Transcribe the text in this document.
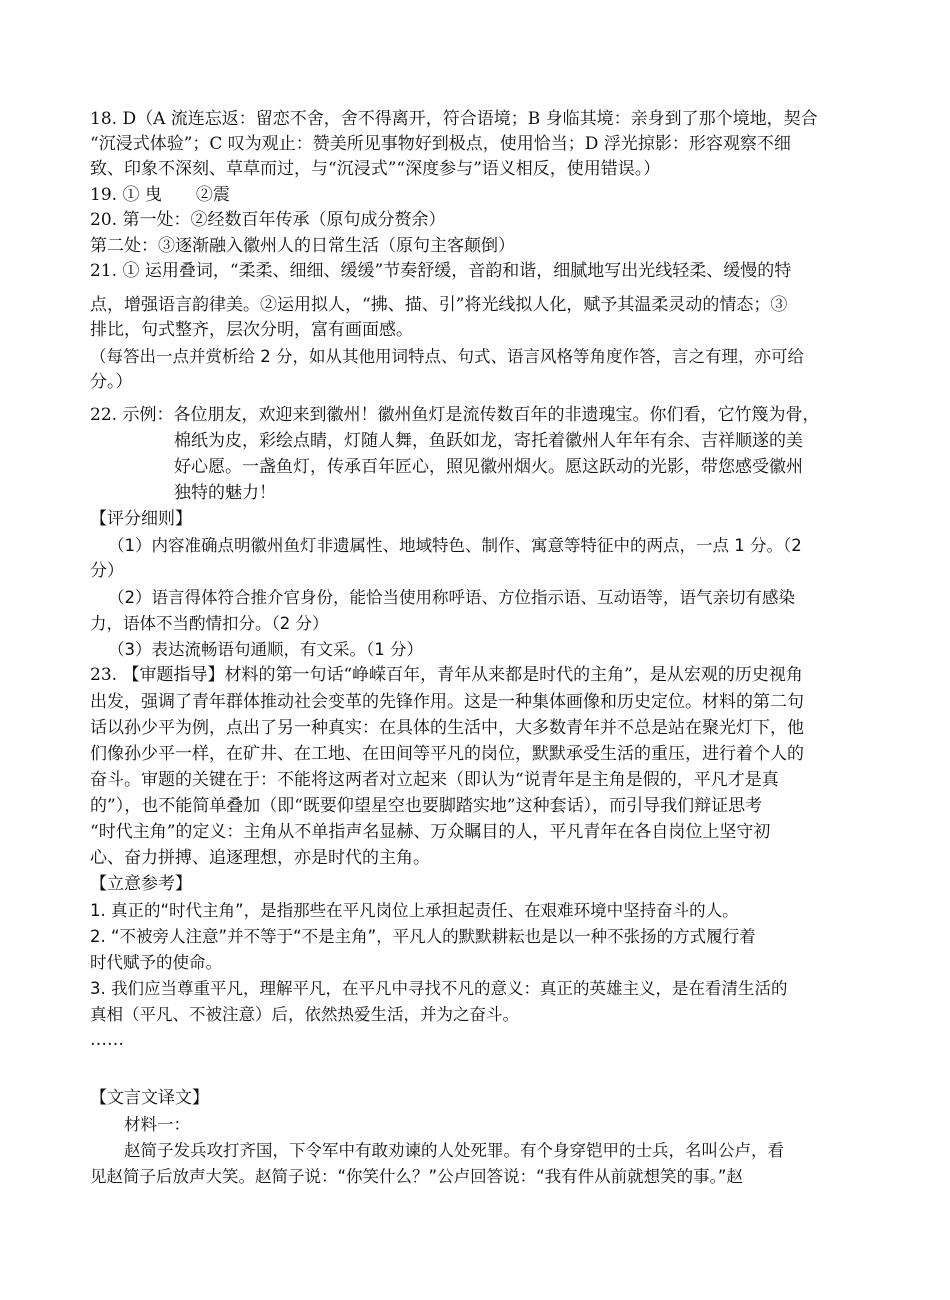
18. D（A 流连忘返：留恋不舍，舍不得离开，符合语境；B 身临其境：亲身到了那个境地，契合
“沉浸式体验”；C 叹为观止：赞美所见事物好到极点，使用恰当；D 浮光掠影：形容观察不细
致、印象不深刻、草草而过，与“沉浸式”“深度参与”语义相反，使用错误。）
19. ① 曳　　②震
20. 第一处：②经数百年传承（原句成分赘余）
第二处：③逐渐融入徽州人的日常生活（原句主客颠倒）
21. ① 运用叠词，“柔柔、细细、缓缓”节奏舒缓，音韵和谐，细腻地写出光线轻柔、缓慢的特
点，增强语言韵律美。②运用拟人，“拂、描、引”将光线拟人化，赋予其温柔灵动的情态；③
排比，句式整齐，层次分明，富有画面感。
（每答出一点并赏析给 2 分，如从其他用词特点、句式、语言风格等角度作答，言之有理，亦可给
分。）
22. 示例：各位朋友，欢迎来到徽州！徽州鱼灯是流传数百年的非遗瑰宝。你们看，它竹篾为骨，
棉纸为皮，彩绘点睛，灯随人舞，鱼跃如龙，寄托着徽州人年年有余、吉祥顺遂的美
好心愿。一盏鱼灯，传承百年匠心，照见徽州烟火。愿这跃动的光影，带您感受徽州
独特的魅力！
【评分细则】
（1）内容准确点明徽州鱼灯非遗属性、地域特色、制作、寓意等特征中的两点，一点 1 分。（2
分）
（2）语言得体符合推介官身份，能恰当使用称呼语、方位指示语、互动语等，语气亲切有感染
力，语体不当酌情扣分。（2 分）
（3）表达流畅语句通顺，有文采。（1 分）
23. 【审题指导】材料的第一句话“峥嵘百年，青年从来都是时代的主角”，是从宏观的历史视角
出发，强调了青年群体推动社会变革的先锋作用。这是一种集体画像和历史定位。材料的第二句
话以孙少平为例，点出了另一种真实：在具体的生活中，大多数青年并不总是站在聚光灯下，他
们像孙少平一样，在矿井、在工地、在田间等平凡的岗位，默默承受生活的重压，进行着个人的
奋斗。审题的关键在于：不能将这两者对立起来（即认为“说青年是主角是假的，平凡才是真
的”），也不能简单叠加（即“既要仰望星空也要脚踏实地”这种套话），而引导我们辩证思考
“时代主角”的定义：主角从不单指声名显赫、万众瞩目的人，平凡青年在各自岗位上坚守初
心、奋力拼搏、追逐理想，亦是时代的主角。
【立意参考】
1. 真正的“时代主角”，是指那些在平凡岗位上承担起责任、在艰难环境中坚持奋斗的人。
2. “不被旁人注意”并不等于“不是主角”，平凡人的默默耕耘也是以一种不张扬的方式履行着
时代赋予的使命。
3. 我们应当尊重平凡，理解平凡，在平凡中寻找不凡的意义：真正的英雄主义，是在看清生活的
真相（平凡、不被注意）后，依然热爱生活，并为之奋斗。
……
【文言文译文】
材料一：
赵简子发兵攻打齐国，下令军中有敢劝谏的人处死罪。有个身穿铠甲的士兵，名叫公卢，看
见赵简子后放声大笑。赵简子说：“你笑什么？”公卢回答说：“我有件从前就想笑的事。”赵
